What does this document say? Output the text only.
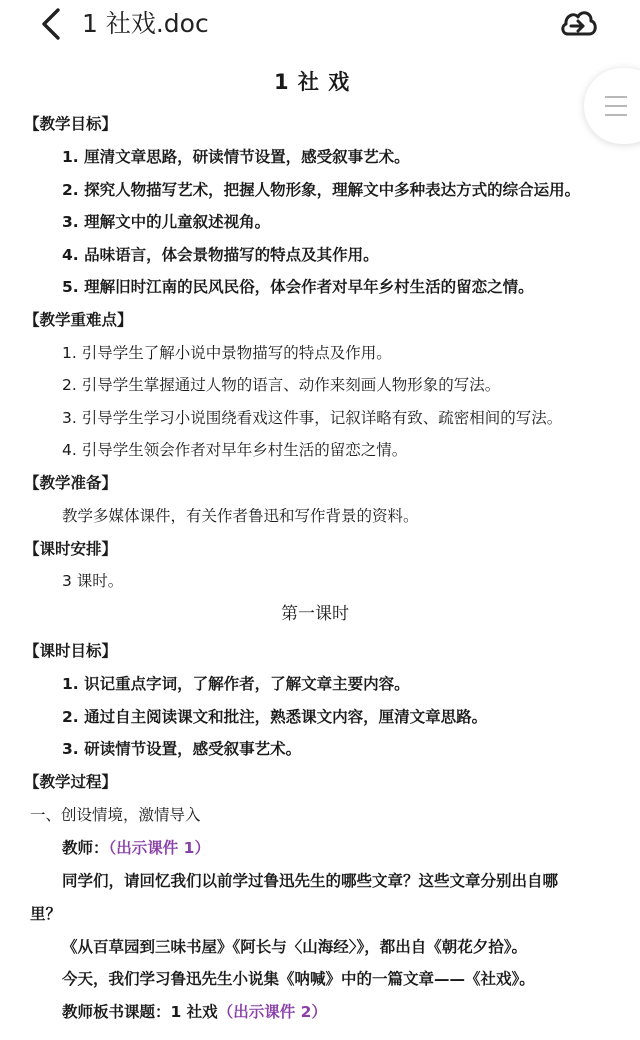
1 社戏.doc
1 社 戏
【教学目标】
1. 厘清文章思路，研读情节设置，感受叙事艺术。
2. 探究人物描写艺术，把握人物形象，理解文中多种表达方式的综合运用。
3. 理解文中的儿童叙述视角。
4. 品味语言，体会景物描写的特点及其作用。
5. 理解旧时江南的民风民俗，体会作者对早年乡村生活的留恋之情。
【教学重难点】
1. 引导学生了解小说中景物描写的特点及作用。
2. 引导学生掌握通过人物的语言、动作来刻画人物形象的写法。
3. 引导学生学习小说围绕看戏这件事，记叙详略有致、疏密相间的写法。
4. 引导学生领会作者对早年乡村生活的留恋之情。
【教学准备】
教学多媒体课件，有关作者鲁迅和写作背景的资料。
【课时安排】
3 课时。
第一课时
【课时目标】
1. 识记重点字词，了解作者，了解文章主要内容。
2. 通过自主阅读课文和批注，熟悉课文内容，厘清文章思路。
3. 研读情节设置，感受叙事艺术。
【教学过程】
一、创设情境，激情导入
教师：（出示课件 1）
同学们，请回忆我们以前学过鲁迅先生的哪些文章？这些文章分别出自哪
里？
《从百草园到三味书屋》《阿长与〈山海经〉》，都出自《朝花夕拾》。
今天，我们学习鲁迅先生小说集《呐喊》中的一篇文章——《社戏》。
教师板书课题：1 社戏（出示课件 2）
